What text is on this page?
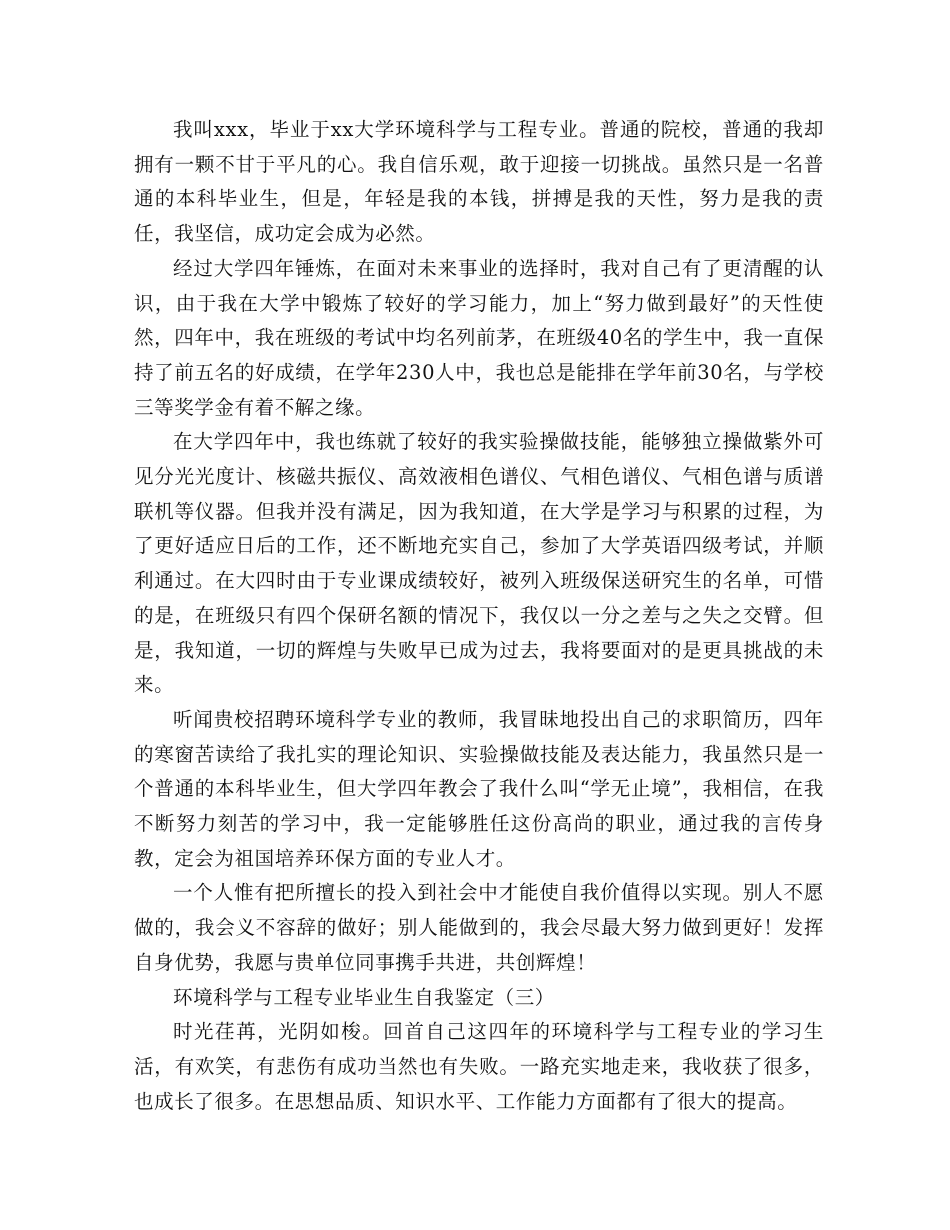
我叫xxx，毕业于xx大学环境科学与工程专业。普通的院校，普通的我却拥有一颗不甘于平凡的心。我自信乐观，敢于迎接一切挑战。虽然只是一名普通的本科毕业生，但是，年轻是我的本钱，拼搏是我的天性，努力是我的责任，我坚信，成功定会成为必然。

经过大学四年锤炼，在面对未来事业的选择时，我对自己有了更清醒的认识，由于我在大学中锻炼了较好的学习能力，加上“努力做到最好”的天性使然，四年中，我在班级的考试中均名列前茅，在班级40名的学生中，我一直保持了前五名的好成绩，在学年230人中，我也总是能排在学年前30名，与学校三等奖学金有着不解之缘。

在大学四年中，我也练就了较好的我实验操做技能，能够独立操做紫外可见分光光度计、核磁共振仪、高效液相色谱仪、气相色谱仪、气相色谱与质谱联机等仪器。但我并没有满足，因为我知道，在大学是学习与积累的过程，为了更好适应日后的工作，还不断地充实自己，参加了大学英语四级考试，并顺利通过。在大四时由于专业课成绩较好，被列入班级保送研究生的名单，可惜的是，在班级只有四个保研名额的情况下，我仅以一分之差与之失之交臂。但是，我知道，一切的辉煌与失败早已成为过去，我将要面对的是更具挑战的未来。

听闻贵校招聘环境科学专业的教师，我冒昧地投出自己的求职简历，四年的寒窗苦读给了我扎实的理论知识、实验操做技能及表达能力，我虽然只是一个普通的本科毕业生，但大学四年教会了我什么叫“学无止境”，我相信，在我不断努力刻苦的学习中，我一定能够胜任这份高尚的职业，通过我的言传身教，定会为祖国培养环保方面的专业人才。

一个人惟有把所擅长的投入到社会中才能使自我价值得以实现。别人不愿做的，我会义不容辞的做好；别人能做到的，我会尽最大努力做到更好！发挥自身优势，我愿与贵单位同事携手共进，共创辉煌！

环境科学与工程专业毕业生自我鉴定（三）

时光荏苒，光阴如梭。回首自己这四年的环境科学与工程专业的学习生活，有欢笑，有悲伤有成功当然也有失败。一路充实地走来，我收获了很多，也成长了很多。在思想品质、知识水平、工作能力方面都有了很大的提高。
